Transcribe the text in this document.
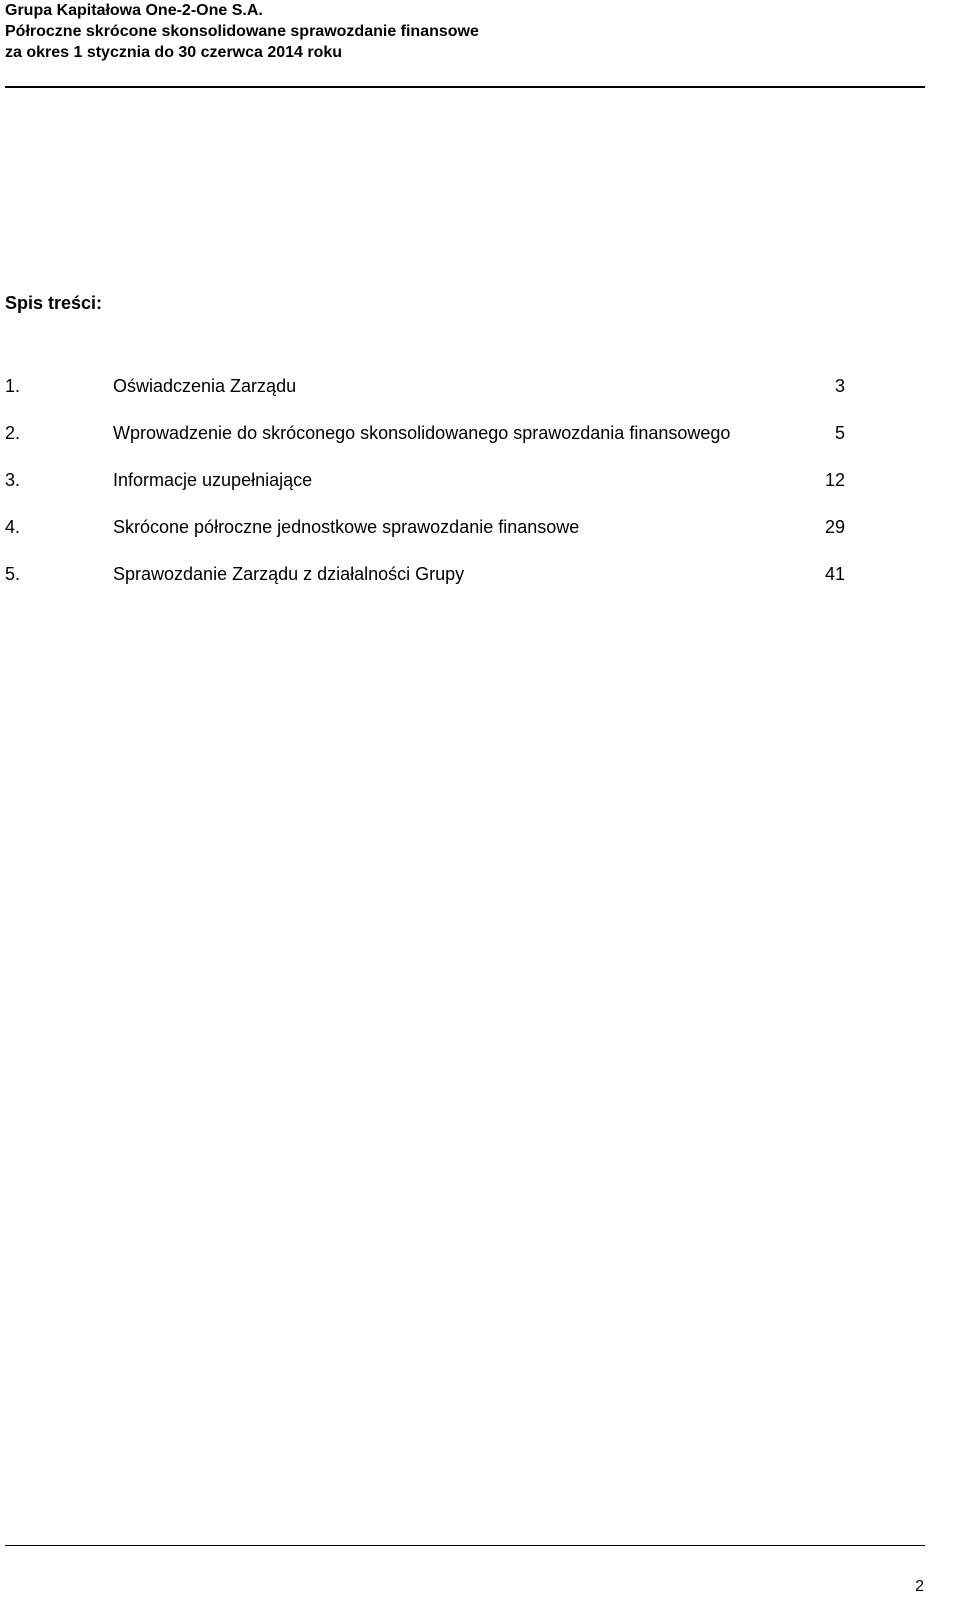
Grupa Kapitałowa One-2-One S.A.
Półroczne skrócone skonsolidowane sprawozdanie finansowe
za okres 1 stycznia do 30 czerwca 2014 roku
Spis treści:
1.	Oświadczenia Zarządu	3
2.	Wprowadzenie do skróconego skonsolidowanego sprawozdania finansowego	5
3.	Informacje uzupełniające	12
4.	Skrócone półroczne jednostkowe sprawozdanie finansowe	29
5.	Sprawozdanie Zarządu z działalności Grupy	41
2
